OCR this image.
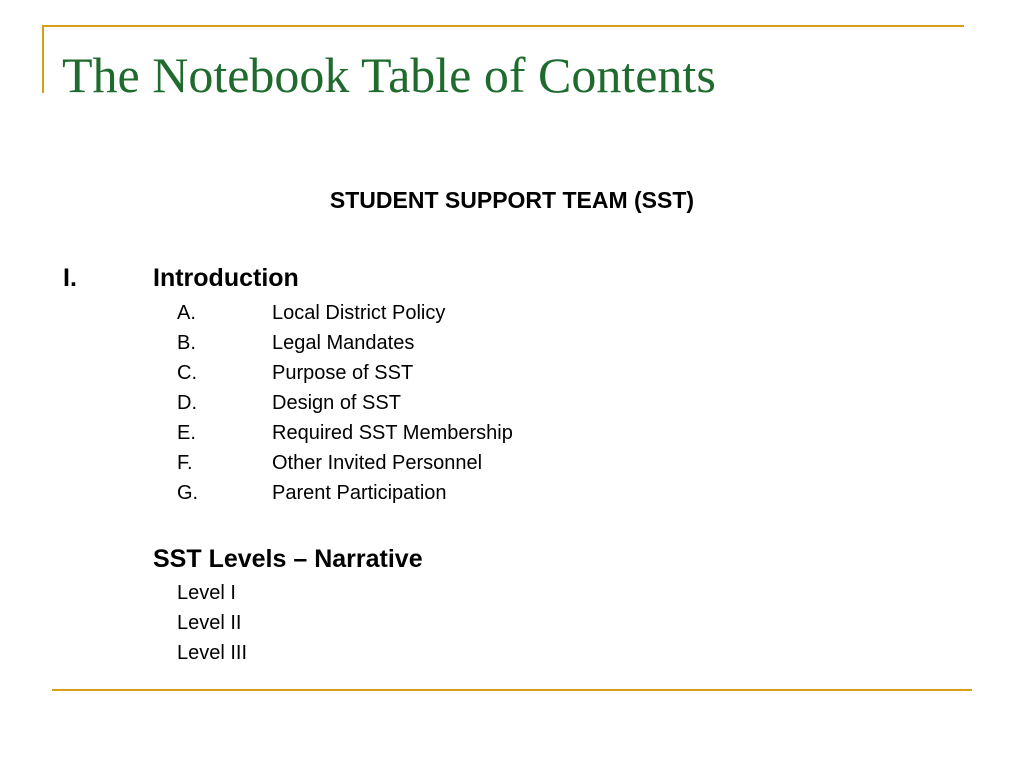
The Notebook Table of Contents
STUDENT SUPPORT TEAM (SST)
I.	Introduction
A.	Local District Policy
B.	Legal Mandates
C.	Purpose of SST
D.	Design of SST
E.	Required SST Membership
F.	Other Invited Personnel
G.	Parent Participation
SST Levels – Narrative
Level I
Level II
Level III
